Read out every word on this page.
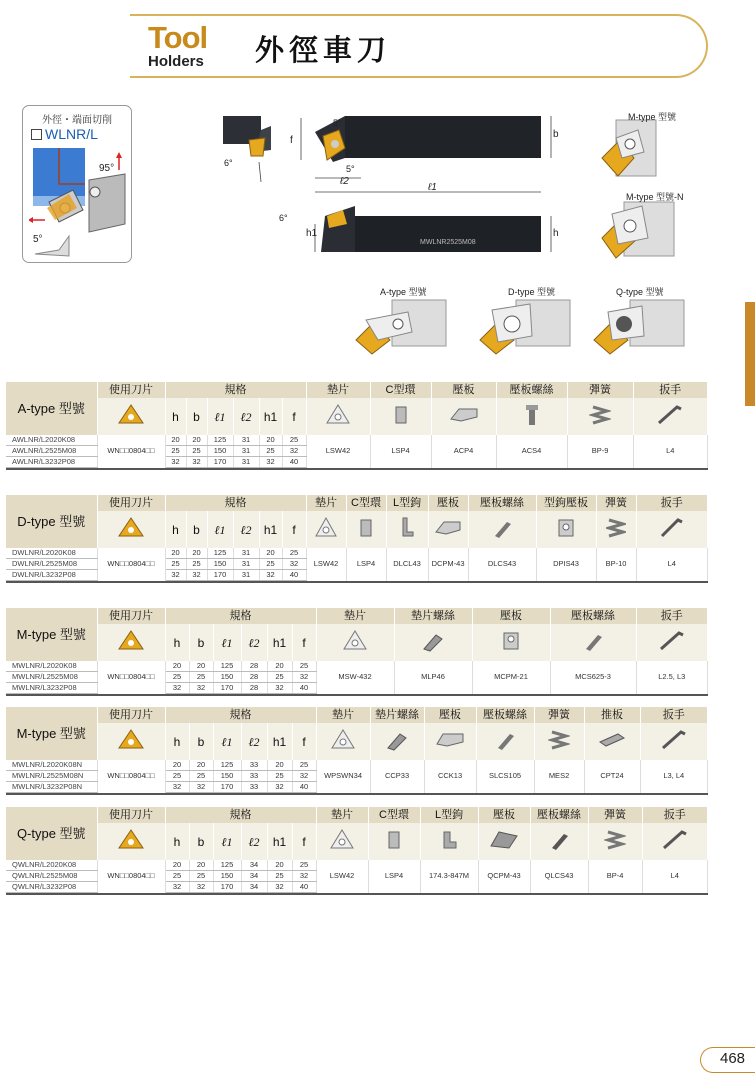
Tool
Holders 外徑車刀
外徑・端面切削
WLNR/L
95°
5°
5°
6°
5°
6°
f
b
h
h1
ℓ1
ℓ2
MWLNR2525M08
M-type 型號
M-type 型號-N
A-type 型號	D-type 型號	Q-type 型號
A-type 型號	使用刀片	規格						墊片	C型環	壓板	壓板螺絲	彈簧	扳手
	h	b	ℓ1	ℓ2	h1	f						
AWLNR/L2020K08	WN□□0804□□	20	20	125	31	20	25	LSW42	LSP4	ACP4	ACS4	BP-9	L4
AWLNR/L2525M08		25	25	150	31	25	32						
AWLNR/L3232P08		32	32	170	31	32	40						
D-type 型號	使用刀片	規格						墊片	C型環	L型鉤	壓板	壓板螺絲	型鉤壓板	彈簧	扳手
	h	b	ℓ1	ℓ2	h1	f								
DWLNR/L2020K08	WN□□0804□□	20	20	125	31	20	25	LSW42	LSP4	DLCL43	DCPM-43	DLCS43	DPIS43	BP-10	L4
DWLNR/L2525M08		25	25	150	31	25	32								
DWLNR/L3232P08		32	32	170	31	32	40								
M-type 型號	使用刀片	規格						墊片	墊片螺絲	壓板	壓板螺絲	扳手
	h	b	ℓ1	ℓ2	h1	f					
MWLNR/L2020K08	WN□□0804□□	20	20	125	28	20	25	MSW-432	MLP46	MCPM-21	MCS625-3	L2.5, L3
MWLNR/L2525M08		25	25	150	28	25	32					
MWLNR/L3232P08		32	32	170	28	32	40					
M-type 型號	使用刀片	規格						墊片	墊片螺絲	壓板	壓板螺絲	彈簧	推板	扳手
	h	b	ℓ1	ℓ2	h1	f							
MWLNR/L2020K08N	WN□□0804□□	20	20	125	33	20	25	WPSWN34	CCP33	CCK13	SLCS105	MES2	CPT24	L3, L4
MWLNR/L2525M08N		25	25	150	33	25	32							
MWLNR/L3232P08N		32	32	170	33	32	40							
Q-type 型號	使用刀片	規格						墊片	C型環	L型鉤	壓板	壓板螺絲	彈簧	扳手
	h	b	ℓ1	ℓ2	h1	f							
QWLNR/L2020K08	WN□□0804□□	20	20	125	34	20	25	LSW42	LSP4	174.3-847M	QCPM-43	QLCS43	BP-4	L4
QWLNR/L2525M08		25	25	150	34	25	32							
QWLNR/L3232P08		32	32	170	34	32	40							
468
